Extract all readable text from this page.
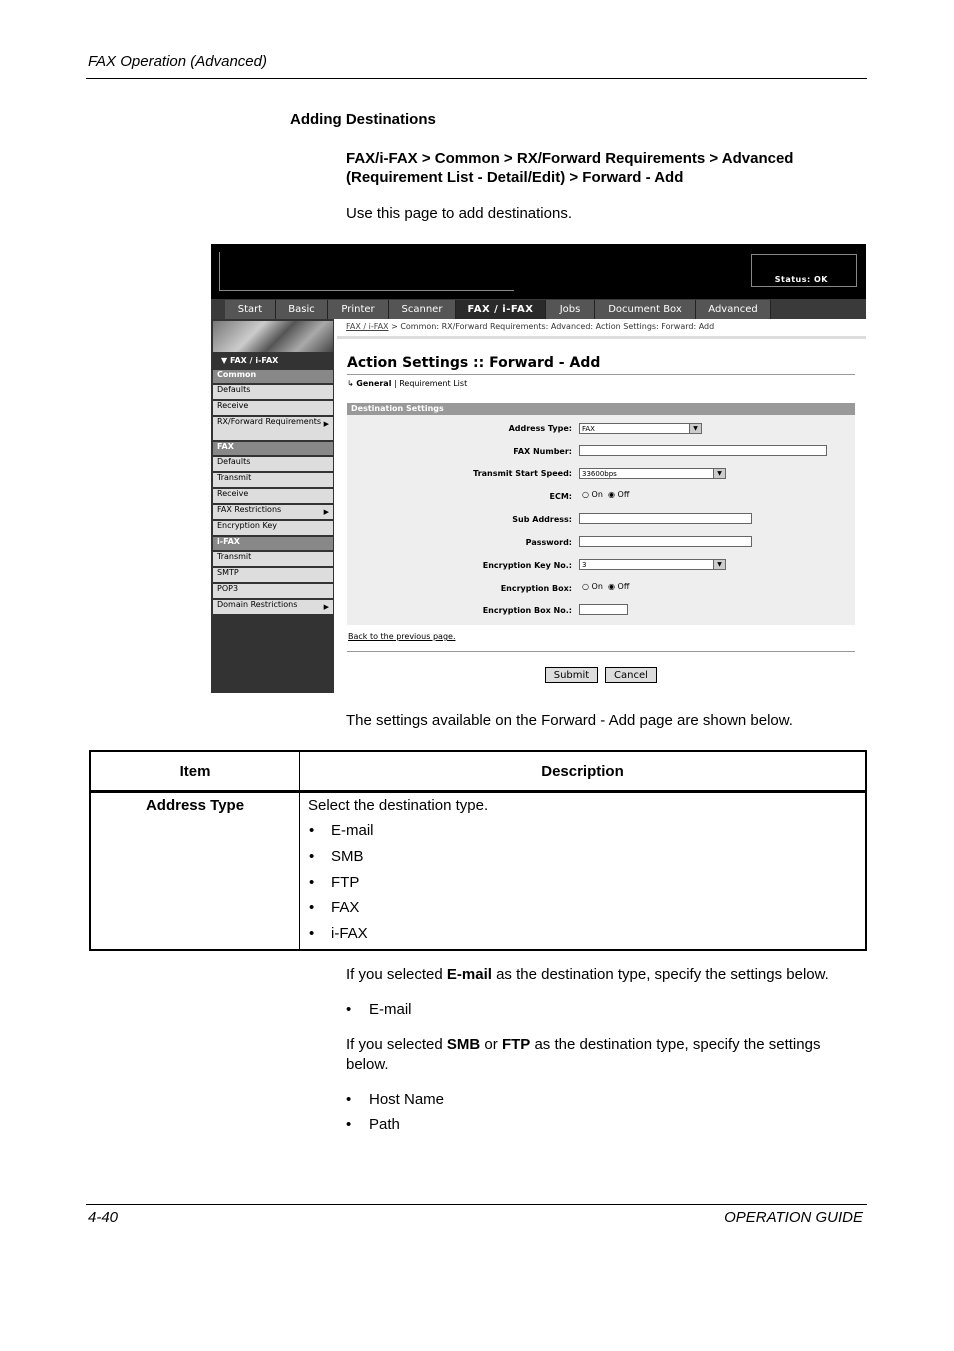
FAX Operation (Advanced)
Adding Destinations
FAX/i-FAX > Common > RX/Forward Requirements > Advanced (Requirement List - Detail/Edit) > Forward - Add
Use this page to add destinations.
Status: OK
Start	Basic	Printer	Scanner	FAX / i-FAX	Jobs	Document Box	Advanced
▼ FAX / i-FAX
Common
Defaults
Receive
RX/Forward Requirements ▶
FAX
Defaults
Transmit
Receive
FAX Restrictions	▶
Encryption Key
i-FAX
Transmit
SMTP
POP3
Domain Restrictions	▶
FAX / i-FAX > Common: RX/Forward Requirements: Advanced: Action Settings: Forward: Add
Action Settings :: Forward - Add
↳ General | Requirement List
Destination Settings
Address Type:	FAX	▼
FAX Number:
Transmit Start Speed:	33600bps	▼
ECM: ○ On ◉ Off
Sub Address:
Password:
Encryption Key No.:	3	▼
Encryption Box: ○ On ◉ Off
Encryption Box No.:
Back to the previous page.
Submit	Cancel
The settings available on the Forward - Add page are shown below.
Item	Description
Address Type	Select the destination type.
• E-mail
• SMB
• FTP
• FAX
• i-FAX
If you selected E-mail as the destination type, specify the settings below.
• E-mail
If you selected SMB or FTP as the destination type, specify the settings
below.
• Host Name
• Path
4-40	OPERATION GUIDE
